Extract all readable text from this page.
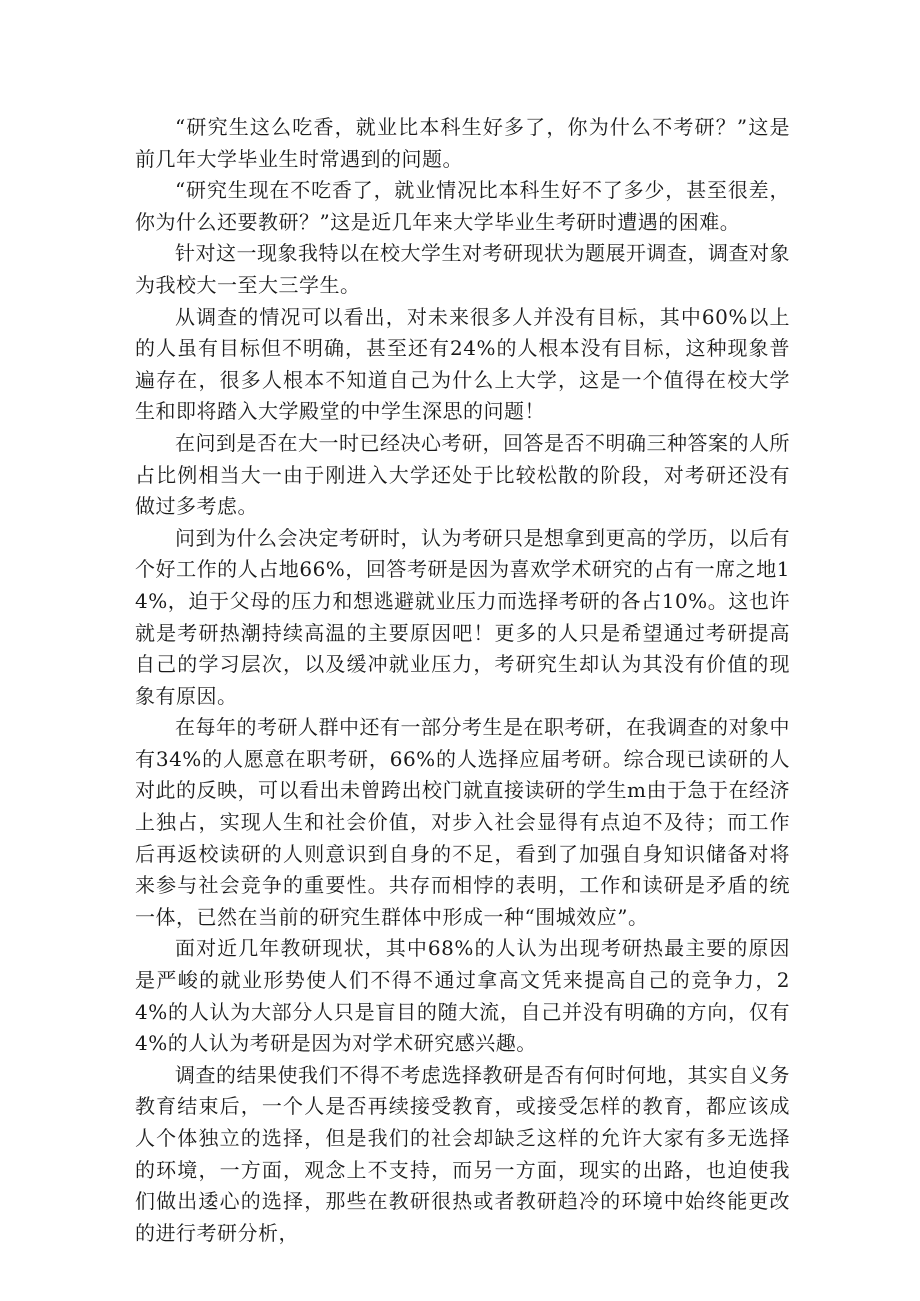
“研究生这么吃香，就业比本科生好多了，你为什么不考研？”这是前几年大学毕业生时常遇到的问题。

“研究生现在不吃香了，就业情况比本科生好不了多少，甚至很差，你为什么还要教研？”这是近几年来大学毕业生考研时遭遇的困难。

针对这一现象我特以在校大学生对考研现状为题展开调查，调查对象为我校大一至大三学生。

从调查的情况可以看出，对未来很多人并没有目标，其中60%以上的人虽有目标但不明确，甚至还有24%的人根本没有目标，这种现象普遍存在，很多人根本不知道自己为什么上大学，这是一个值得在校大学生和即将踏入大学殿堂的中学生深思的问题！

在问到是否在大一时已经决心考研，回答是否不明确三种答案的人所占比例相当大一由于刚进入大学还处于比较松散的阶段，对考研还没有做过多考虑。

问到为什么会决定考研时，认为考研只是想拿到更高的学历，以后有个好工作的人占地66%，回答考研是因为喜欢学术研究的占有一席之地14%，迫于父母的压力和想逃避就业压力而选择考研的各占10%。这也许就是考研热潮持续高温的主要原因吧！更多的人只是希望通过考研提高自己的学习层次，以及缓冲就业压力，考研究生却认为其没有价值的现象有原因。

在每年的考研人群中还有一部分考生是在职考研，在我调查的对象中有34%的人愿意在职考研，66%的人选择应届考研。综合现已读研的人对此的反映，可以看出未曾跨出校门就直接读研的学生m由于急于在经济上独占，实现人生和社会价值，对步入社会显得有点迫不及待；而工作后再返校读研的人则意识到自身的不足，看到了加强自身知识储备对将来参与社会竞争的重要性。共存而相悖的表明，工作和读研是矛盾的统一体，已然在当前的研究生群体中形成一种“围城效应”。

面对近几年教研现状，其中68%的人认为出现考研热最主要的原因是严峻的就业形势使人们不得不通过拿高文凭来提高自己的竞争力，24%的人认为大部分人只是盲目的随大流，自己并没有明确的方向，仅有4%的人认为考研是因为对学术研究感兴趣。

调查的结果使我们不得不考虑选择教研是否有何时何地，其实自义务教育结束后，一个人是否再续接受教育，或接受怎样的教育，都应该成人个体独立的选择，但是我们的社会却缺乏这样的允许大家有多无选择的环境，一方面，观念上不支持，而另一方面，现实的出路，也迫使我们做出逶心的选择，那些在教研很热或者教研趋冷的环境中始终能更改的进行考研分析，
